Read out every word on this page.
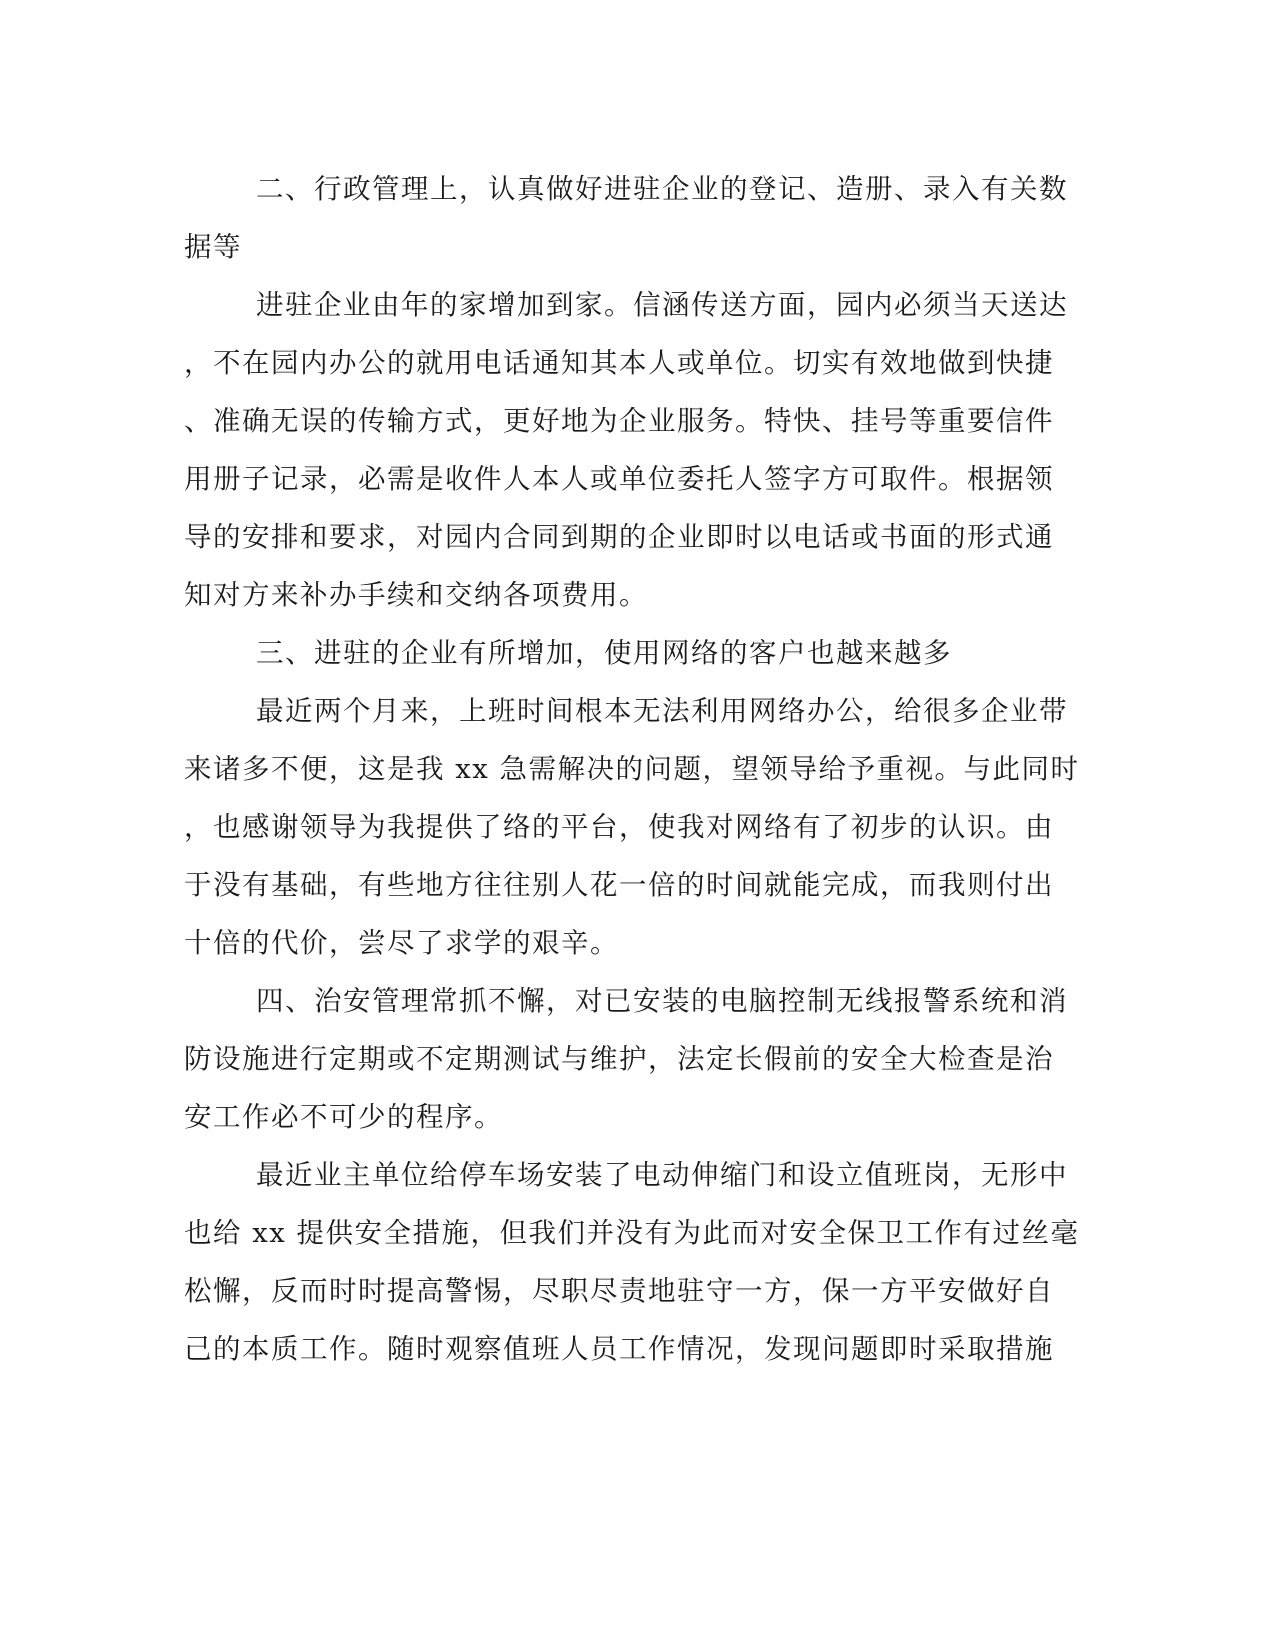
二、行政管理上，认真做好进驻企业的登记、造册、录入有关数
据等
进驻企业由年的家增加到家。信涵传送方面，园内必须当天送达
，不在园内办公的就用电话通知其本人或单位。切实有效地做到快捷
、准确无误的传输方式，更好地为企业服务。特快、挂号等重要信件
用册子记录，必需是收件人本人或单位委托人签字方可取件。根据领
导的安排和要求，对园内合同到期的企业即时以电话或书面的形式通
知对方来补办手续和交纳各项费用。
三、进驻的企业有所增加，使用网络的客户也越来越多
最近两个月来，上班时间根本无法利用网络办公，给很多企业带
来诸多不便，这是我 xx 急需解决的问题，望领导给予重视。与此同时
，也感谢领导为我提供了络的平台，使我对网络有了初步的认识。由
于没有基础，有些地方往往别人花一倍的时间就能完成，而我则付出
十倍的代价，尝尽了求学的艰辛。
四、治安管理常抓不懈，对已安装的电脑控制无线报警系统和消
防设施进行定期或不定期测试与维护，法定长假前的安全大检查是治
安工作必不可少的程序。
最近业主单位给停车场安装了电动伸缩门和设立值班岗，无形中
也给 xx 提供安全措施，但我们并没有为此而对安全保卫工作有过丝毫
松懈，反而时时提高警惕，尽职尽责地驻守一方，保一方平安做好自
己的本质工作。随时观察值班人员工作情况，发现问题即时采取措施
